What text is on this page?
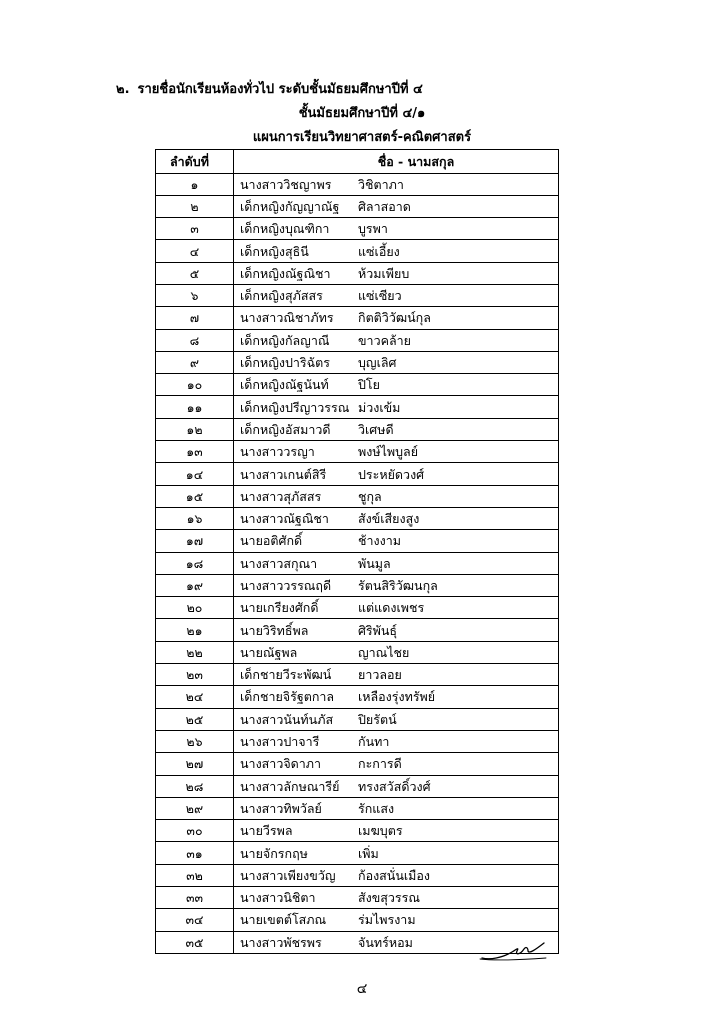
๒. รายชื่อนักเรียนห้องทั่วไป ระดับชั้นมัธยมศึกษาปีที่ ๔
ชั้นมัธยมศึกษาปีที่ ๔/๑
แผนการเรียนวิทยาศาสตร์-คณิตศาสตร์
ลำดับที่	ชื่อ - นามสกุล
๑	นางสาววิชญาพร วิชิตาภา
๒	เด็กหญิงกัญญาณัฐ ศิลาสอาด
๓	เด็กหญิงบุณฑิกา บูรพา
๔	เด็กหญิงสุธินี แซ่เอี้ยง
๕	เด็กหญิงณัฐณิชา ห้วมเพียบ
๖	เด็กหญิงสุภัสสร แซ่เซียว
๗	นางสาวณิชาภัทร กิตติวิวัฒน์กุล
๘	เด็กหญิงกัลญาณี ขาวคล้าย
๙	เด็กหญิงปาริฉัตร บุญเลิศ
๑๐	เด็กหญิงณัฐนันท์ ปิโย
๑๑	เด็กหญิงปรีญาวรรณ ม่วงเข้ม
๑๒	เด็กหญิงอัสมาวดี วิเศษดี
๑๓	นางสาววรญา พงษ์ไพบูลย์
๑๔	นางสาวเกนต์สิรี ประหยัดวงศ์
๑๕	นางสาวสุภัสสร ชูกุล
๑๖	นางสาวณัฐณิชา สังข์เสียงสูง
๑๗	นายอติศักดิ์ ช้างงาม
๑๘	นางสาวสกุณา พันมูล
๑๙	นางสาววรรณฤดี รัตนสิริวัฒนกุล
๒๐	นายเกรียงศักดิ์ แต่แดงเพชร
๒๑	นายวิริทธิ์พล ศิริพันธุ์
๒๒	นายณัฐพล ญาณไชย
๒๓	เด็กชายวีระพัฒน์ ยาวลอย
๒๔	เด็กชายจิรัฐตกาล เหลืองรุ่งทรัพย์
๒๕	นางสาวนันท์นภัส ปิยรัตน์
๒๖	นางสาวปาจารี กันทา
๒๗	นางสาวจิดาภา กะการดี
๒๘	นางสาวลักษณารีย์ ทรงสวัสดิ์วงศ์
๒๙	นางสาวทิพวัลย์ รักแสง
๓๐	นายวีรพล เมฆบุตร
๓๑	นายจักรกฤษ เพิ่ม
๓๒	นางสาวเพียงขวัญ ก้องสนั่นเมือง
๓๓	นางสาวนิชิตา สังขสุวรรณ
๓๔	นายเขตต์โสภณ ร่มไพรงาม
๓๕	นางสาวพัชรพร จันทร์หอม
๔
